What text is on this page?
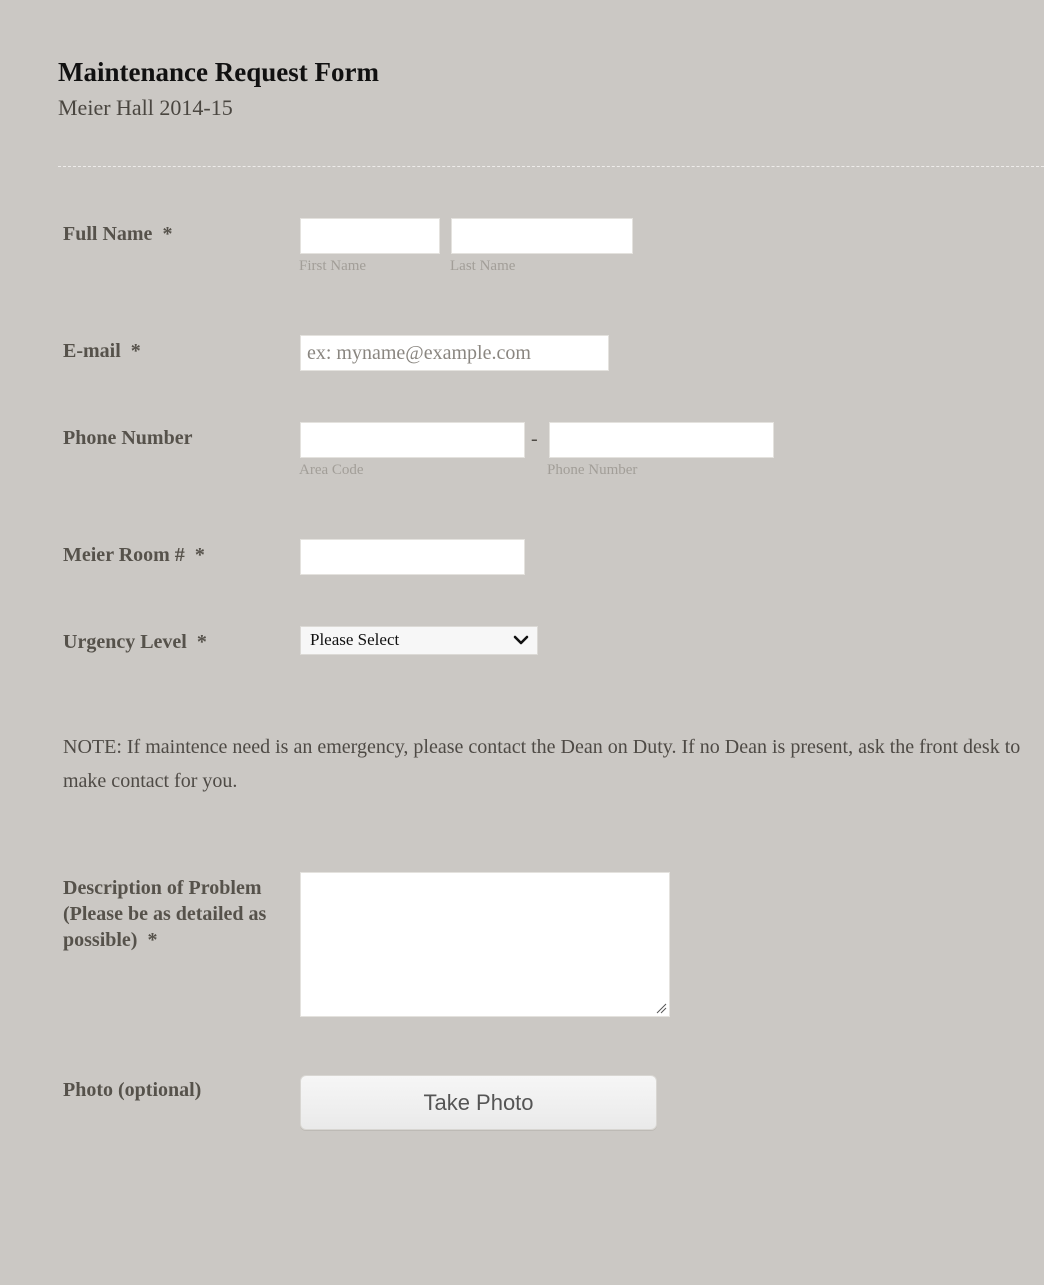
Maintenance Request Form
Meier Hall 2014-15
Full Name *
First Name	Last Name
E-mail *
ex: myname@example.com
Phone Number	-
Area Code	Phone Number
Meier Room # *
Urgency Level *	Please Select
NOTE: If maintence need is an emergency, please contact the Dean on Duty. If no Dean is present, ask the front desk to make contact for you.
Description of Problem
(Please be as detailed as
possible) *
Photo (optional)	Take Photo
